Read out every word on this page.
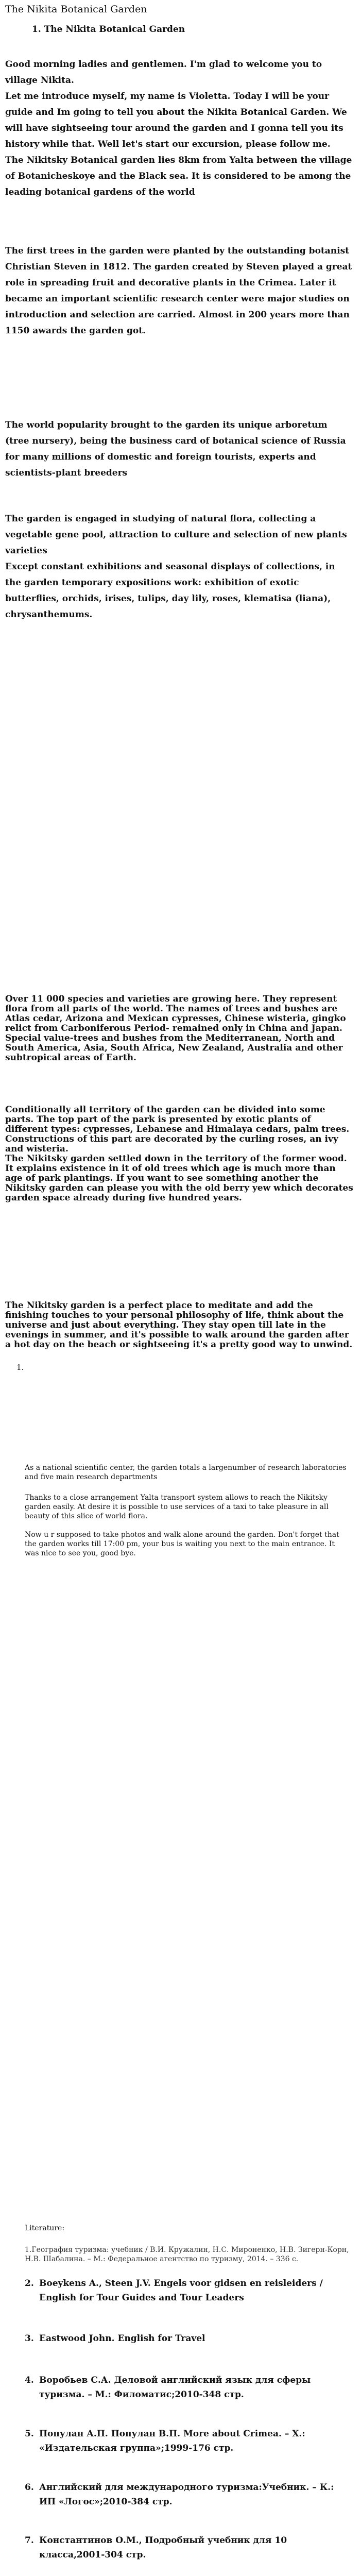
The Nikita Botanical Garden
1. The Nikita Botanical Garden

Good morning ladies and gentlemen. I'm glad to welcome you to village Nikita.
Let me introduce myself, my name is Violetta. Today I will be your guide and Im going to tell you about the Nikita Botanical Garden. We will have sightseeing tour around the garden and I gonna tell you its history while that. Well let's start our excursion, please follow me.
The Nikitsky Botanical garden lies 8km from Yalta between the village of Botanicheskoye and the Black sea. It is considered to be among the leading botanical gardens of the world

The first trees in the garden were planted by the outstanding botanist Christian Steven in 1812. The garden created by Steven played a great role in spreading fruit and decorative plants in the Crimea. Later it became an important scientific research center were major studies on introduction and selection are carried. Almost in 200 years more than 1150 awards the garden got.

The world popularity brought to the garden its unique arboretum (tree nursery), being the business card of botanical science of Russia for many millions of domestic and foreign tourists, experts and scientists-plant breeders

The garden is engaged in studying of natural flora, collecting a vegetable gene pool, attraction to culture and selection of new plants varieties
Except constant exhibitions and seasonal displays of collections, in the garden temporary expositions work: exhibition of exotic butterflies, orchids, irises, tulips, day lily, roses, klematisa (liana), chrysanthemums.

Over 11 000 species and varieties are growing here. They represent flora from all parts of the world. The names of trees and bushes are Atlas cedar, Arizona and Mexican cypresses, Chinese wisteria, gingko relict from Carboniferous Period- remained only in China and Japan. Special value-trees and bushes from the Mediterranean, North and South America, Asia, South Africa, New Zealand, Australia and other subtropical areas of Earth.

Conditionally all territory of the garden can be divided into some parts. The top part of the park is presented by exotic plants of different types: cypresses, Lebanese and Himalaya cedars, palm trees. Constructions of this part are decorated by the curling roses, an ivy and wisteria.
The Nikitsky garden settled down in the territory of the former wood. It explains existence in it of old trees which age is much more than age of park plantings. If you want to see something another the Nikitsky garden can please you with the old berry yew which decorates garden space already during five hundred years.

The Nikitsky garden is a perfect place to meditate and add the finishing touches to your personal philosophy of life, think about the universe and just about everything. They stay open till late in the evenings in summer, and it's possible to walk around the garden after a hot day on the beach or sightseeing it's a pretty good way to unwind.

1.

As a national scientific center, the garden totals a largenumber of research laboratories and five main research departments

Thanks to a close arrangement Yalta transport system allows to reach the Nikitsky garden easily. At desire it is possible to use services of a taxi to take pleasure in all beauty of this slice of world flora.

Now u r supposed to take photos and walk alone around the garden. Don't forget that the garden works till 17:00 pm, your bus is waiting you next to the main entrance. It was nice to see you, good bye.

Literature:
1.География туризма: учебник / В.И. Кружалин, Н.С. Мироненко, Н.В. Зигерн-Корн, Н.В. Шабалина. – М.: Федеральное агентство по туризму, 2014. – 336 с.
2. Boeykens A., Steen J.V. Engels voor gidsen en reisleiders / English for Tour Guides and Tour Leaders
3. Eastwood John. English for Travel
4. Воробьев С.А. Деловой английский язык для сферы туризма. – М.: Филоматис;2010-348 стр.
5. Популан А.П. Популан В.П. More about Crimea. – Х.: «Издательская группа»;1999-176 стр.
6. Английский для международного туризма:Учебник. – К.: ИП «Логос»;2010-384 стр.
7. Константинов О.М., Подробный учебник для 10 класса,2001-304 стр.
